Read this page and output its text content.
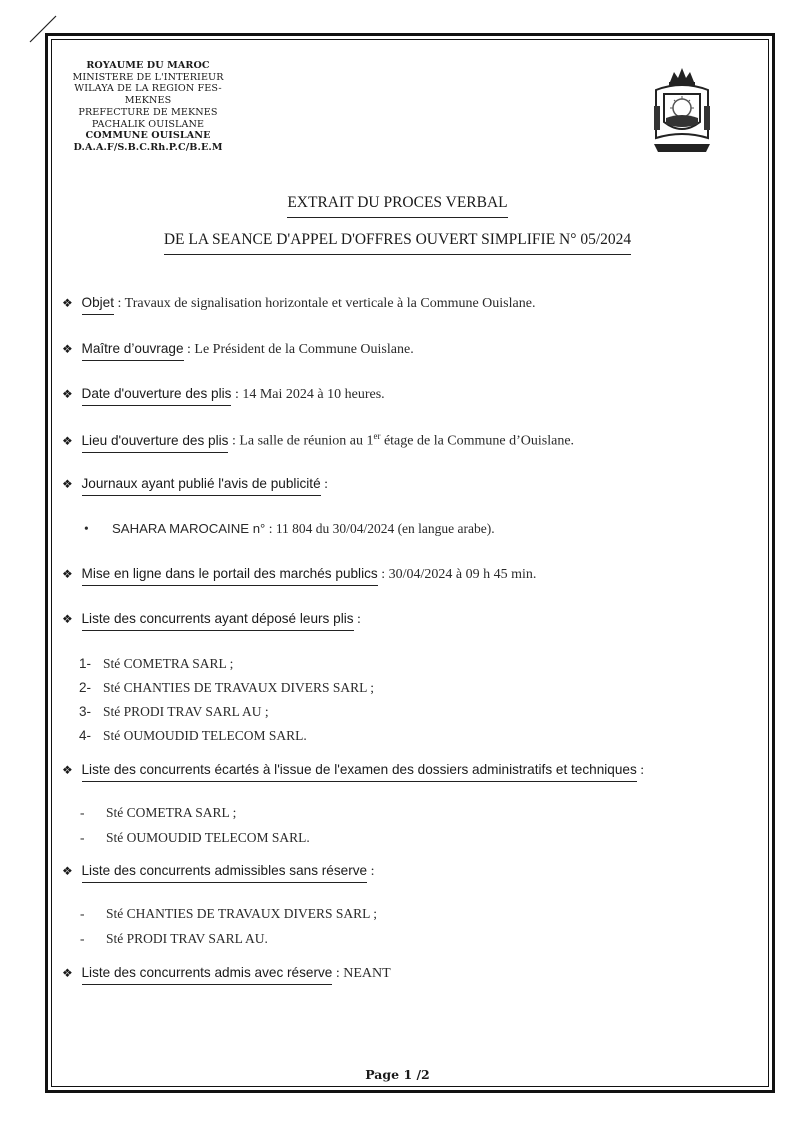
ROYAUME DU MAROC
MINISTERE DE L'INTERIEUR
WILAYA DE LA REGION FES-MEKNES
PREFECTURE DE MEKNES
PACHALIK OUISLANE
COMMUNE OUISLANE
D.A.A.F/S.B.C.Rh.P.C/B.E.M
EXTRAIT DU PROCES VERBAL
DE LA SEANCE D'APPEL D'OFFRES OUVERT SIMPLIFIE N° 05/2024
❖ Objet : Travaux de signalisation horizontale et verticale à la Commune Ouislane.
❖ Maître d’ouvrage : Le Président de la Commune Ouislane.
❖ Date d'ouverture des plis : 14 Mai 2024 à 10 heures.
❖ Lieu d'ouverture des plis : La salle de réunion au 1er étage de la Commune d’Ouislane.
❖ Journaux ayant publié l'avis de publicité :
• SAHARA MAROCAINE n° : 11 804 du 30/04/2024 (en langue arabe).
❖ Mise en ligne dans le portail des marchés publics : 30/04/2024 à 09 h 45 min.
❖ Liste des concurrents ayant déposé leurs plis :
1- Sté COMETRA SARL ;
2- Sté CHANTIES DE TRAVAUX DIVERS SARL ;
3- Sté PRODI TRAV SARL AU ;
4- Sté OUMOUDID TELECOM SARL.
❖ Liste des concurrents écartés à l'issue de l'examen des dossiers administratifs et techniques :
- Sté COMETRA SARL ;
- Sté OUMOUDID TELECOM SARL.
❖ Liste des concurrents admissibles sans réserve :
- Sté CHANTIES DE TRAVAUX DIVERS SARL ;
- Sté PRODI TRAV SARL AU.
❖ Liste des concurrents admis avec réserve : NEANT
Page 1 /2
